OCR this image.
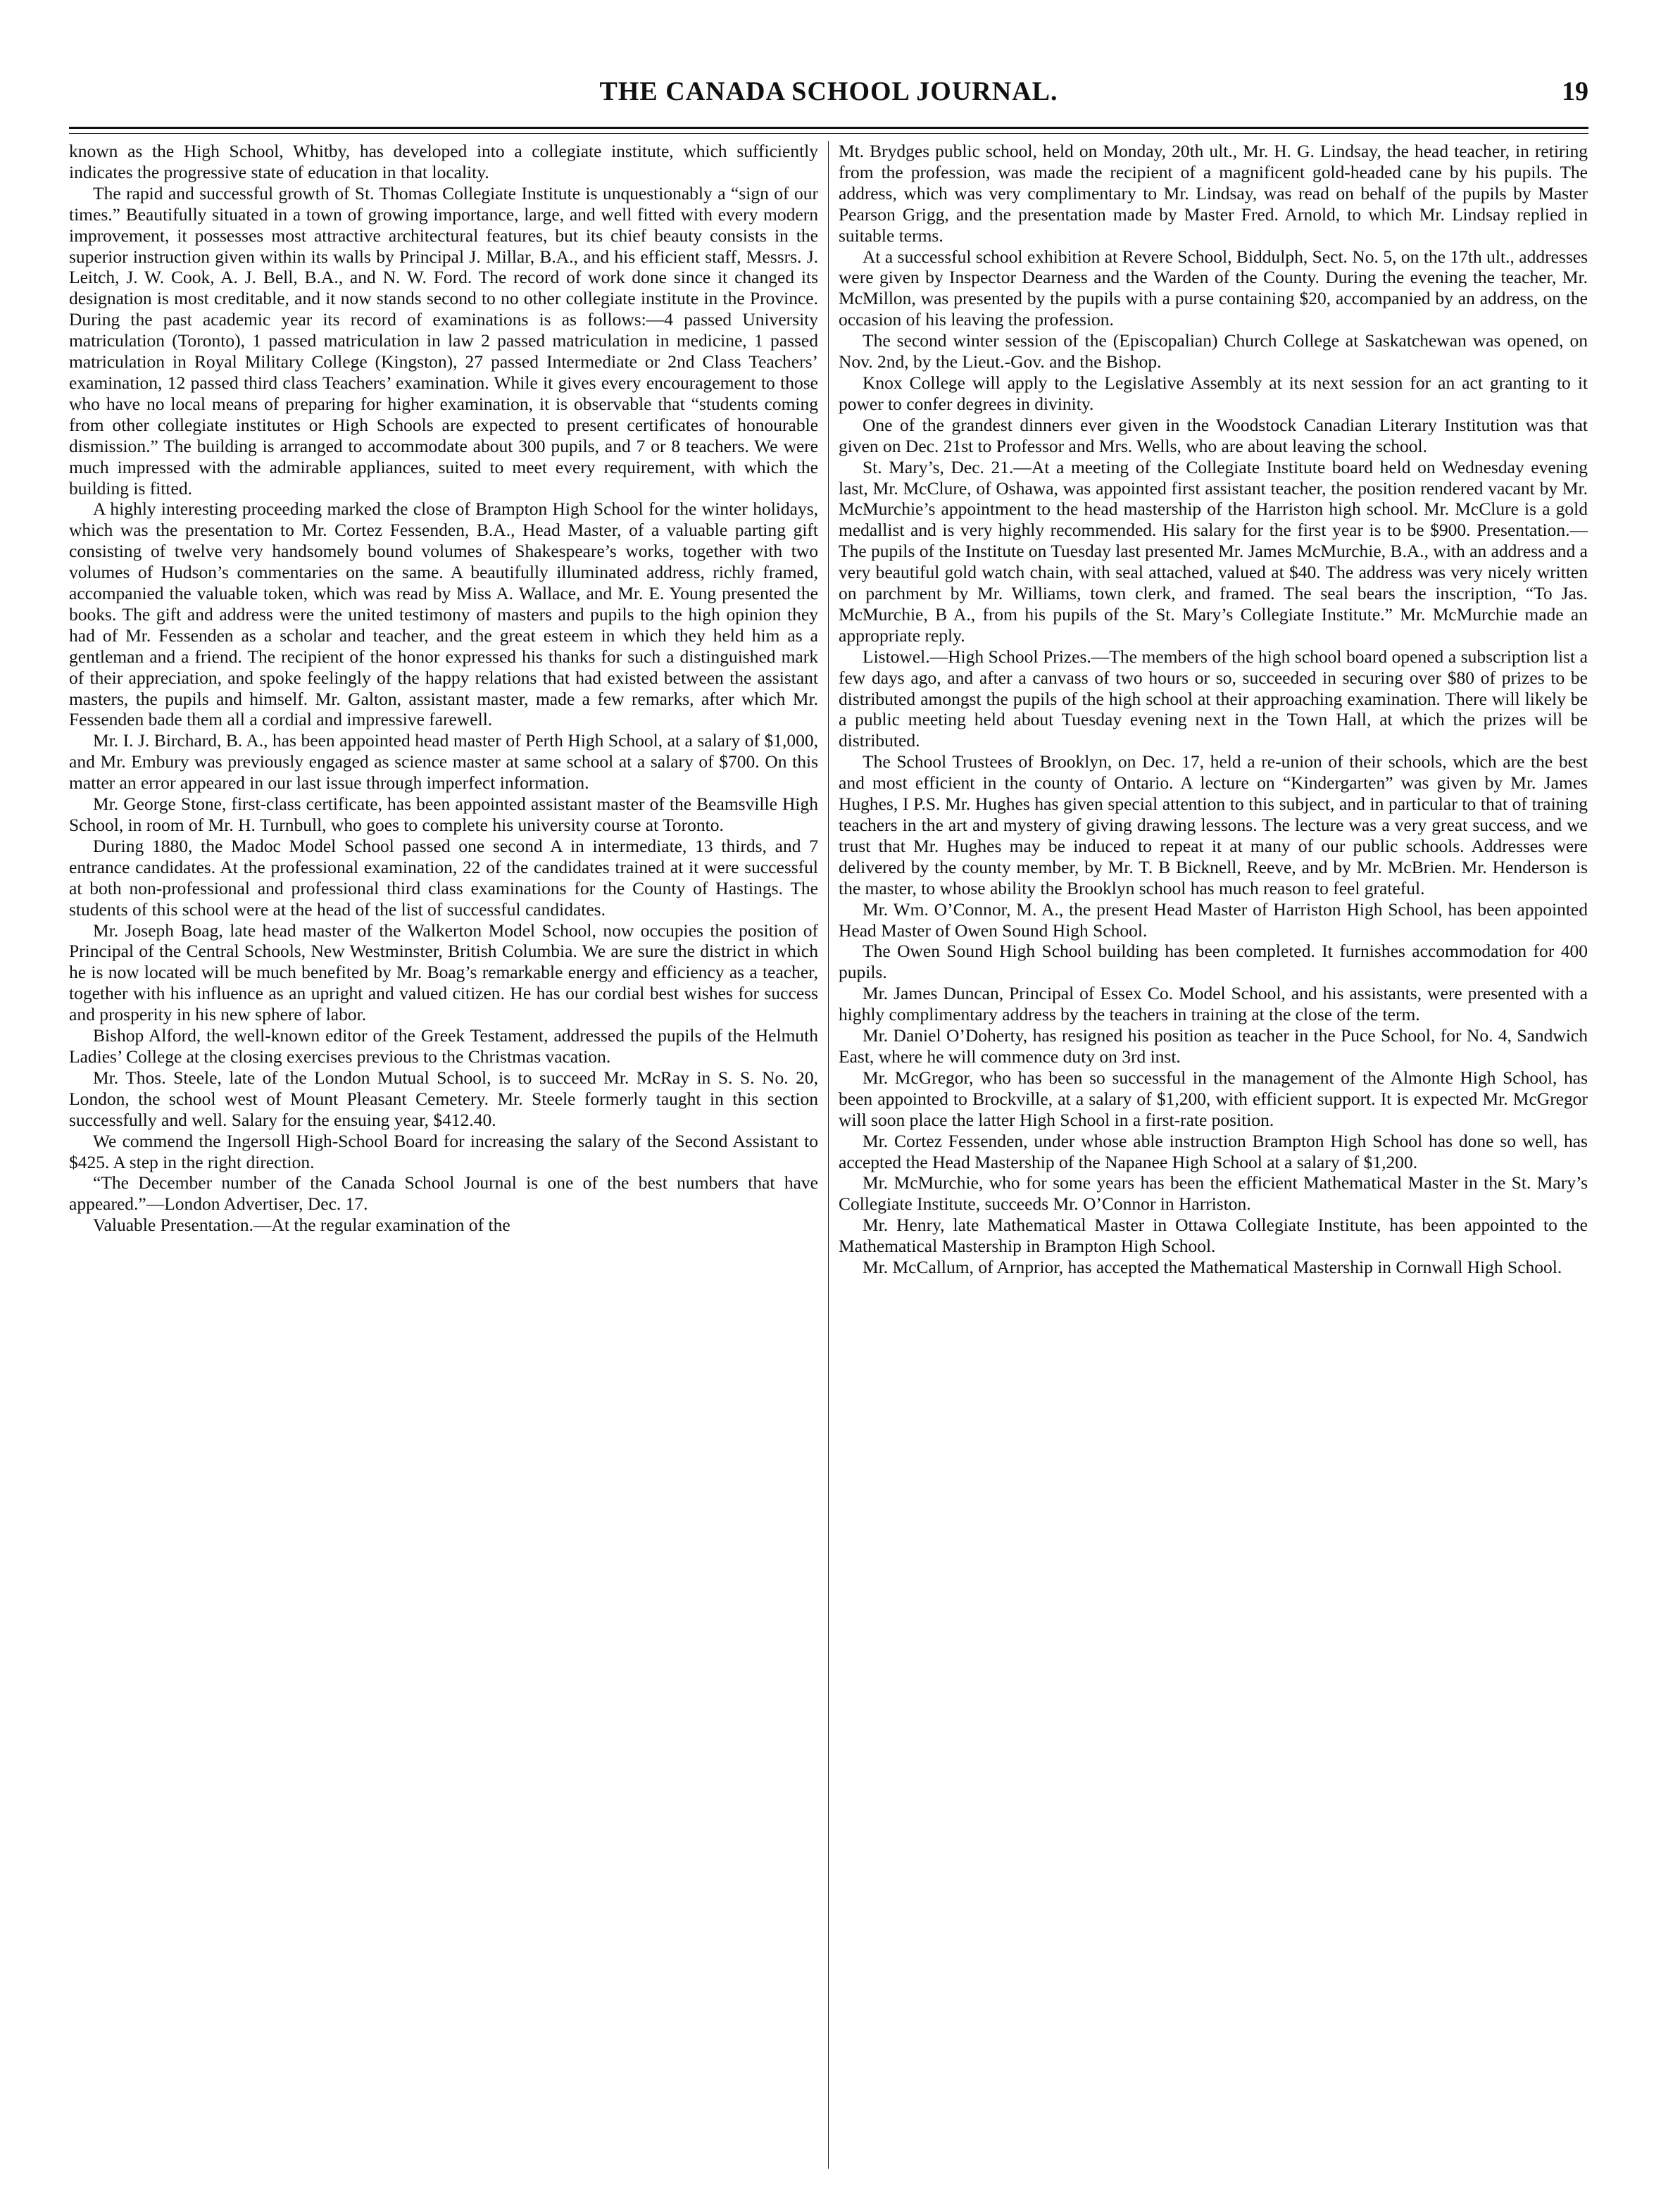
THE CANADA SCHOOL JOURNAL.	19

known as the High School, Whitby, has developed into a collegiate institute, which sufficiently indicates the progressive state of education in that locality.

The rapid and successful growth of St. Thomas Collegiate Institute is unquestionably a “sign of our times.” Beautifully situated in a town of growing importance, large, and well fitted with every modern improvement, it possesses most attractive architectural features, but its chief beauty consists in the superior instruction given within its walls by Principal J. Millar, B.A., and his efficient staff, Messrs. J. Leitch, J. W. Cook, A. J. Bell, B.A., and N. W. Ford. The record of work done since it changed its designation is most creditable, and it now stands second to no other collegiate institute in the Province. During the past academic year its record of examinations is as follows:—4 passed University matriculation (Toronto), 1 passed matriculation in law 2 passed matriculation in medicine, 1 passed matriculation in Royal Military College (Kingston), 27 passed Intermediate or 2nd Class Teachers’ examination, 12 passed third class Teachers’ examination. While it gives every encouragement to those who have no local means of preparing for higher examination, it is observable that “students coming from other collegiate institutes or High Schools are expected to present certificates of honourable dismission.” The building is arranged to accommodate about 300 pupils, and 7 or 8 teachers. We were much impressed with the admirable appliances, suited to meet every requirement, with which the building is fitted.

A highly interesting proceeding marked the close of Brampton High School for the winter holidays, which was the presentation to Mr. Cortez Fessenden, B.A., Head Master, of a valuable parting gift consisting of twelve very handsomely bound volumes of Shakespeare’s works, together with two volumes of Hudson’s commentaries on the same. A beautifully illuminated address, richly framed, accompanied the valuable token, which was read by Miss A. Wallace, and Mr. E. Young presented the books. The gift and address were the united testimony of masters and pupils to the high opinion they had of Mr. Fessenden as a scholar and teacher, and the great esteem in which they held him as a gentleman and a friend. The recipient of the honor expressed his thanks for such a distinguished mark of their appreciation, and spoke feelingly of the happy relations that had existed between the assistant masters, the pupils and himself. Mr. Galton, assistant master, made a few remarks, after which Mr. Fessenden bade them all a cordial and impressive farewell.

Mr. I. J. Birchard, B. A., has been appointed head master of Perth High School, at a salary of $1,000, and Mr. Embury was previously engaged as science master at same school at a salary of $700. On this matter an error appeared in our last issue through imperfect information.

Mr. George Stone, first-class certificate, has been appointed assistant master of the Beamsville High School, in room of Mr. H. Turnbull, who goes to complete his university course at Toronto.

During 1880, the Madoc Model School passed one second A in intermediate, 13 thirds, and 7 entrance candidates. At the professional examination, 22 of the candidates trained at it were successful at both non-professional and professional third class examinations for the County of Hastings. The students of this school were at the head of the list of successful candidates.

Mr. Joseph Boag, late head master of the Walkerton Model School, now occupies the position of Principal of the Central Schools, New Westminster, British Columbia. We are sure the district in which he is now located will be much benefited by Mr. Boag’s remarkable energy and efficiency as a teacher, together with his influence as an upright and valued citizen. He has our cordial best wishes for success and prosperity in his new sphere of labor.

Bishop Alford, the well-known editor of the Greek Testament, addressed the pupils of the Helmuth Ladies’ College at the closing exercises previous to the Christmas vacation.

Mr. Thos. Steele, late of the London Mutual School, is to succeed Mr. McRay in S. S. No. 20, London, the school west of Mount Pleasant Cemetery. Mr. Steele formerly taught in this section successfully and well. Salary for the ensuing year, $412.40.

We commend the Ingersoll High-School Board for increasing the salary of the Second Assistant to $425. A step in the right direction.

“The December number of the Canada School Journal is one of the best numbers that have appeared.”—London Advertiser, Dec. 17.

Valuable Presentation.—At the regular examination of the

Mt. Brydges public school, held on Monday, 20th ult., Mr. H. G. Lindsay, the head teacher, in retiring from the profession, was made the recipient of a magnificent gold-headed cane by his pupils. The address, which was very complimentary to Mr. Lindsay, was read on behalf of the pupils by Master Pearson Grigg, and the presentation made by Master Fred. Arnold, to which Mr. Lindsay replied in suitable terms.

At a successful school exhibition at Revere School, Biddulph, Sect. No. 5, on the 17th ult., addresses were given by Inspector Dearness and the Warden of the County. During the evening the teacher, Mr. McMillon, was presented by the pupils with a purse containing $20, accompanied by an address, on the occasion of his leaving the profession.

The second winter session of the (Episcopalian) Church College at Saskatchewan was opened, on Nov. 2nd, by the Lieut.-Gov. and the Bishop.

Knox College will apply to the Legislative Assembly at its next session for an act granting to it power to confer degrees in divinity.

One of the grandest dinners ever given in the Woodstock Canadian Literary Institution was that given on Dec. 21st to Professor and Mrs. Wells, who are about leaving the school.

St. Mary’s, Dec. 21.—At a meeting of the Collegiate Institute board held on Wednesday evening last, Mr. McClure, of Oshawa, was appointed first assistant teacher, the position rendered vacant by Mr. McMurchie’s appointment to the head mastership of the Harriston high school. Mr. McClure is a gold medallist and is very highly recommended. His salary for the first year is to be $900. Presentation.—The pupils of the Institute on Tuesday last presented Mr. James McMurchie, B.A., with an address and a very beautiful gold watch chain, with seal attached, valued at $40. The address was very nicely written on parchment by Mr. Williams, town clerk, and framed. The seal bears the inscription, “To Jas. McMurchie, B A., from his pupils of the St. Mary’s Collegiate Institute.” Mr. McMurchie made an appropriate reply.

Listowel.—High School Prizes.—The members of the high school board opened a subscription list a few days ago, and after a canvass of two hours or so, succeeded in securing over $80 of prizes to be distributed amongst the pupils of the high school at their approaching examination. There will likely be a public meeting held about Tuesday evening next in the Town Hall, at which the prizes will be distributed.

The School Trustees of Brooklyn, on Dec. 17, held a re-union of their schools, which are the best and most efficient in the county of Ontario. A lecture on “Kindergarten” was given by Mr. James Hughes, I P.S. Mr. Hughes has given special attention to this subject, and in particular to that of training teachers in the art and mystery of giving drawing lessons. The lecture was a very great success, and we trust that Mr. Hughes may be induced to repeat it at many of our public schools. Addresses were delivered by the county member, by Mr. T. B Bicknell, Reeve, and by Mr. McBrien. Mr. Henderson is the master, to whose ability the Brooklyn school has much reason to feel grateful.

Mr. Wm. O’Connor, M. A., the present Head Master of Harriston High School, has been appointed Head Master of Owen Sound High School.

The Owen Sound High School building has been completed. It furnishes accommodation for 400 pupils.

Mr. James Duncan, Principal of Essex Co. Model School, and his assistants, were presented with a highly complimentary address by the teachers in training at the close of the term.

Mr. Daniel O’Doherty, has resigned his position as teacher in the Puce School, for No. 4, Sandwich East, where he will commence duty on 3rd inst.

Mr. McGregor, who has been so successful in the management of the Almonte High School, has been appointed to Brockville, at a salary of $1,200, with efficient support. It is expected Mr. McGregor will soon place the latter High School in a first-rate position.

Mr. Cortez Fessenden, under whose able instruction Brampton High School has done so well, has accepted the Head Mastership of the Napanee High School at a salary of $1,200.

Mr. McMurchie, who for some years has been the efficient Mathematical Master in the St. Mary’s Collegiate Institute, succeeds Mr. O’Connor in Harriston.

Mr. Henry, late Mathematical Master in Ottawa Collegiate Institute, has been appointed to the Mathematical Mastership in Brampton High School.

Mr. McCallum, of Arnprior, has accepted the Mathematical Mastership in Cornwall High School.
